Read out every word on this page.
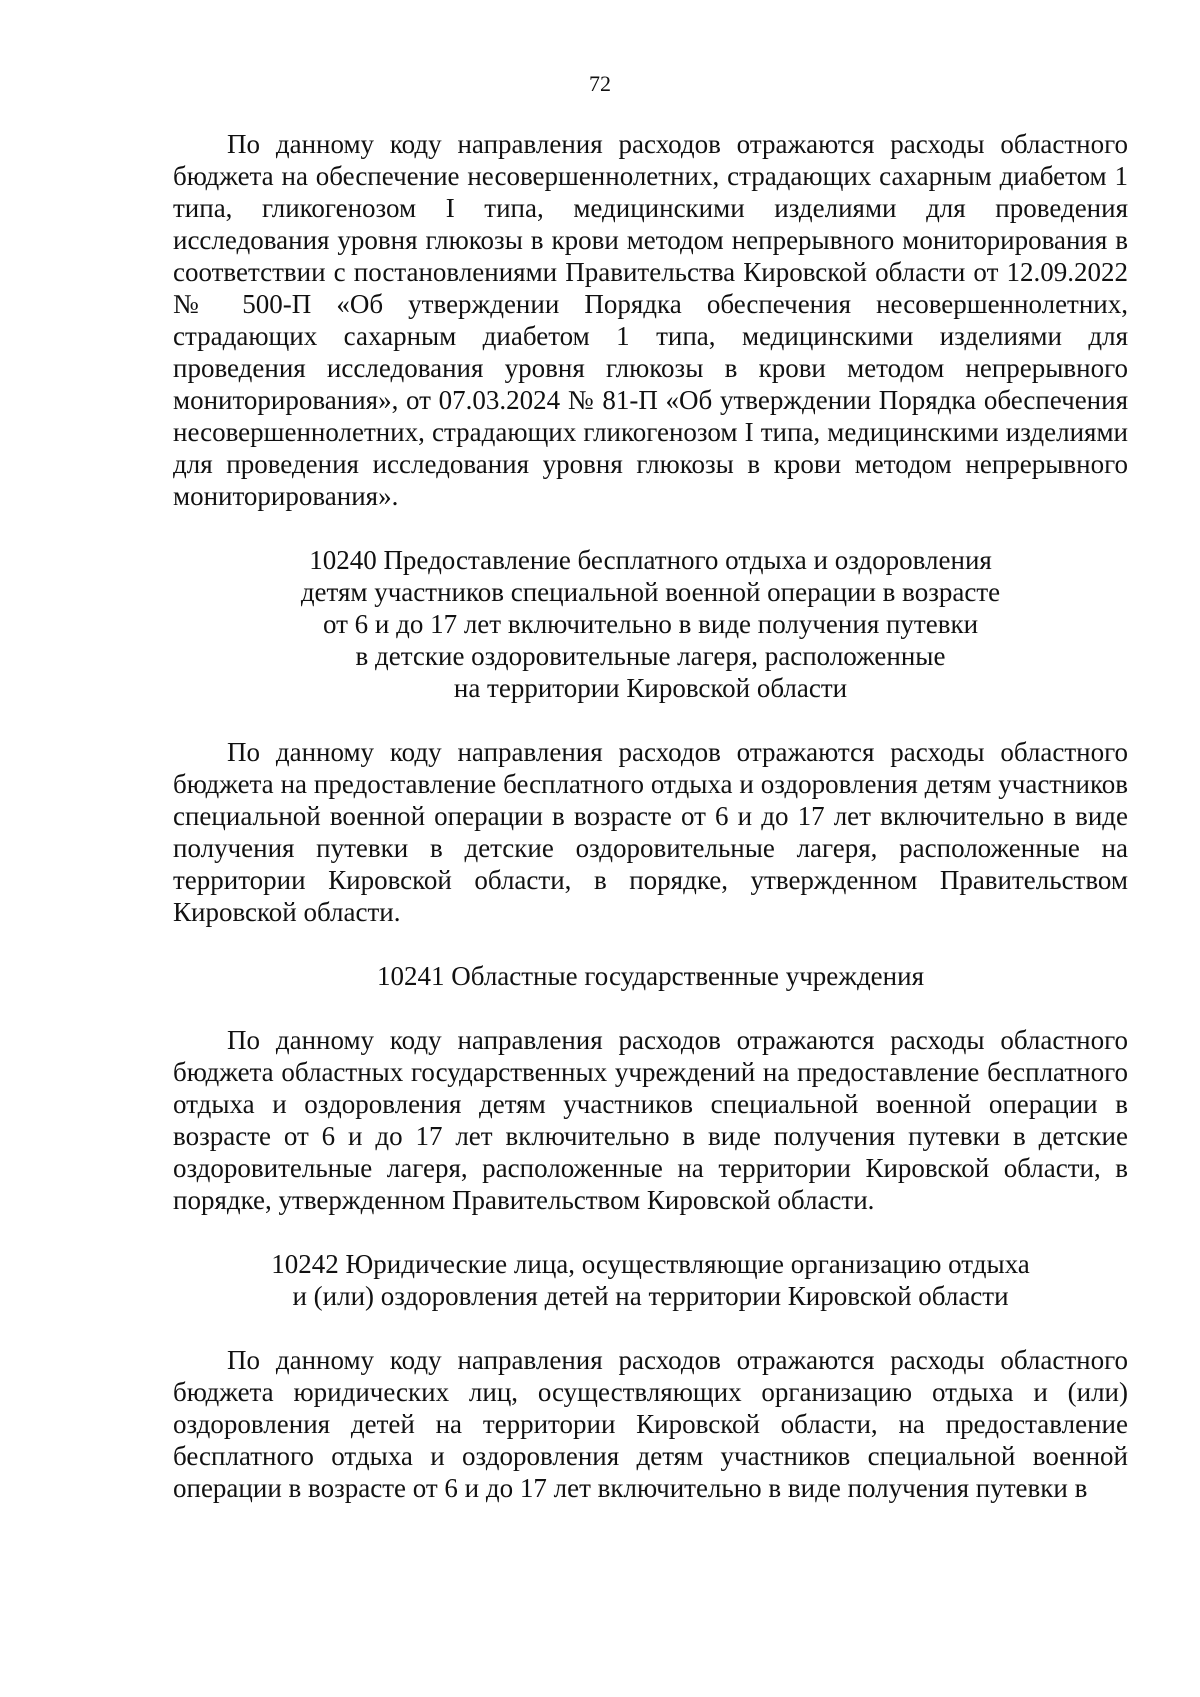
72

По данному коду направления расходов отражаются расходы областного бюджета на обеспечение несовершеннолетних, страдающих сахарным диабетом 1 типа, гликогенозом I типа, медицинскими изделиями для проведения исследования уровня глюкозы в крови методом непрерывного мониторирования в соответствии с постановлениями Правительства Кировской области от 12.09.2022 № 500-П «Об утверждении Порядка обеспечения несовершеннолетних, страдающих сахарным диабетом 1 типа, медицинскими изделиями для проведения исследования уровня глюкозы в крови методом непрерывного мониторирования», от 07.03.2024 № 81-П «Об утверждении Порядка обеспечения несовершеннолетних, страдающих гликогенозом I типа, медицинскими изделиями для проведения исследования уровня глюкозы в крови методом непрерывного мониторирования».

10240 Предоставление бесплатного отдыха и оздоровления
детям участников специальной военной операции в возрасте
от 6 и до 17 лет включительно в виде получения путевки
в детские оздоровительные лагеря, расположенные
на территории Кировской области

По данному коду направления расходов отражаются расходы областного бюджета на предоставление бесплатного отдыха и оздоровления детям участников специальной военной операции в возрасте от 6 и до 17 лет включительно в виде получения путевки в детские оздоровительные лагеря, расположенные на территории Кировской области, в порядке, утвержденном Правительством Кировской области.

10241 Областные государственные учреждения

По данному коду направления расходов отражаются расходы областного бюджета областных государственных учреждений на предоставление бесплатного отдыха и оздоровления детям участников специальной военной операции в возрасте от 6 и до 17 лет включительно в виде получения путевки в детские оздоровительные лагеря, расположенные на территории Кировской области, в порядке, утвержденном Правительством Кировской области.

10242 Юридические лица, осуществляющие организацию отдыха
и (или) оздоровления детей на территории Кировской области

По данному коду направления расходов отражаются расходы областного бюджета юридических лиц, осуществляющих организацию отдыха и (или) оздоровления детей на территории Кировской области, на предоставление бесплатного отдыха и оздоровления детям участников специальной военной операции в возрасте от 6 и до 17 лет включительно в виде получения путевки в
